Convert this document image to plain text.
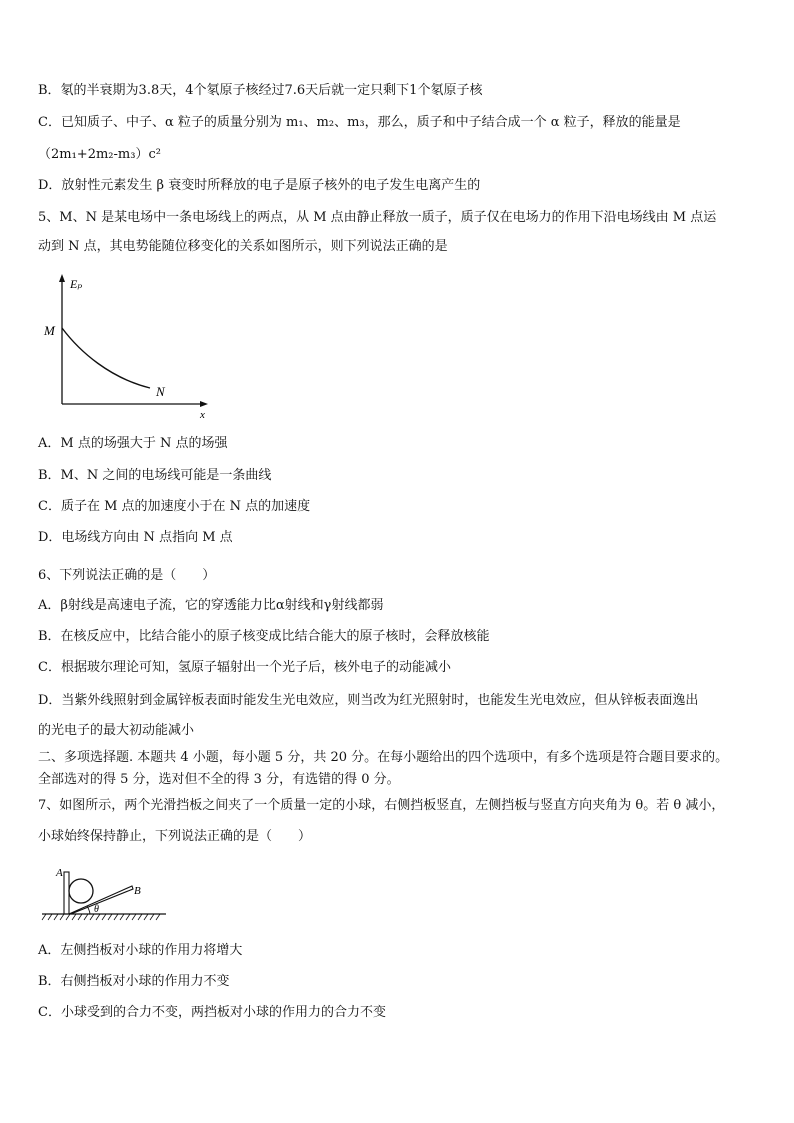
B．氡的半衰期为3.8天，4个氡原子核经过7.6天后就一定只剩下1个氡原子核
C．已知质子、中子、α 粒子的质量分别为 m₁、m₂、m₃，那么，质子和中子结合成一个 α 粒子，释放的能量是
（2m₁+2m₂-m₃）c²
D．放射性元素发生 β 衰变时所释放的电子是原子核外的电子发生电离产生的
5、M、N 是某电场中一条电场线上的两点，从 M 点由静止释放一质子，质子仅在电场力的作用下沿电场线由 M 点运
动到 N 点，其电势能随位移变化的关系如图所示，则下列说法正确的是
Eₚ
x
M
N
A．M 点的场强大于 N 点的场强
B．M、N 之间的电场线可能是一条曲线
C．质子在 M 点的加速度小于在 N 点的加速度
D．电场线方向由 N 点指向 M 点
6、下列说法正确的是（　　）
A．β射线是高速电子流，它的穿透能力比α射线和γ射线都弱
B．在核反应中，比结合能小的原子核变成比结合能大的原子核时，会释放核能
C．根据玻尔理论可知，氢原子辐射出一个光子后，核外电子的动能减小
D．当紫外线照射到金属锌板表面时能发生光电效应，则当改为红光照射时，也能发生光电效应，但从锌板表面逸出
的光电子的最大初动能减小
二、多项选择题. 本题共 4 小题，每小题 5 分，共 20 分。在每小题给出的四个选项中，有多个选项是符合题目要求的。
全部选对的得 5 分，选对但不全的得 3 分，有选错的得 0 分。
7、如图所示，两个光滑挡板之间夹了一个质量一定的小球，右侧挡板竖直，左侧挡板与竖直方向夹角为 θ。若 θ 减小，
小球始终保持静止，下列说法正确的是（　　）
A
B
θ
A．左侧挡板对小球的作用力将增大
B．右侧挡板对小球的作用力不变
C．小球受到的合力不变，两挡板对小球的作用力的合力不变
